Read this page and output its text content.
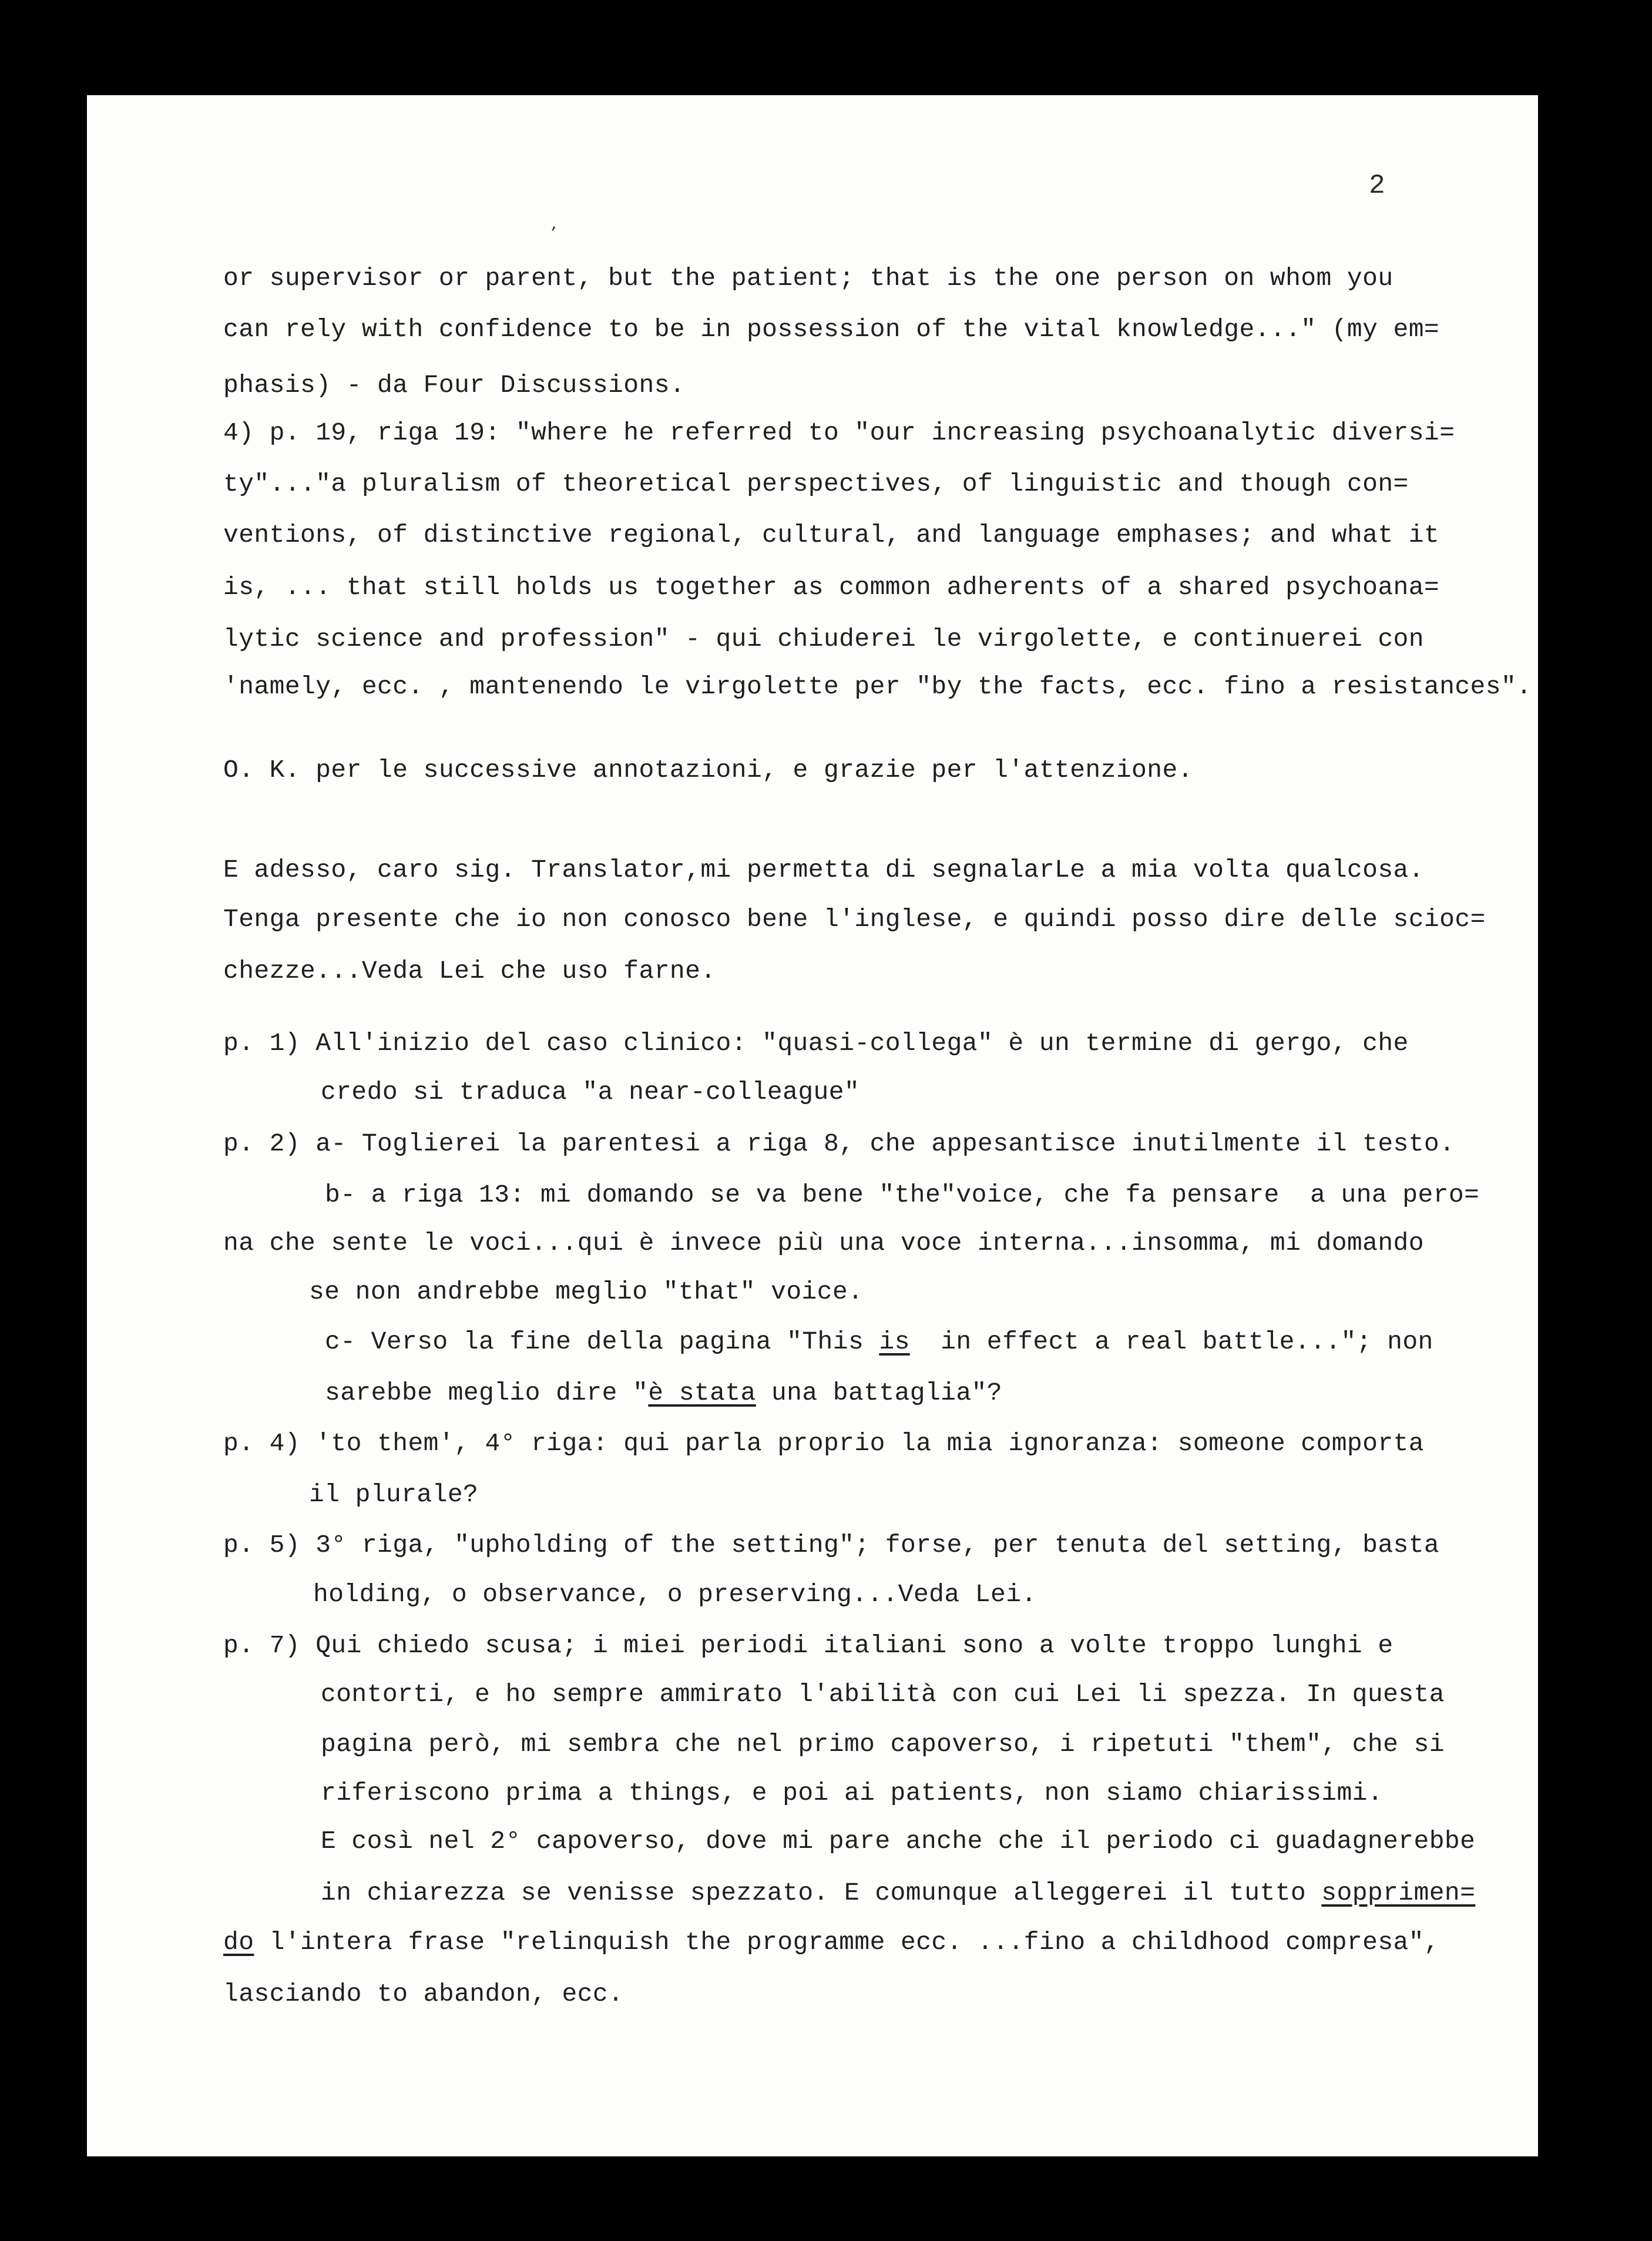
2
,
or supervisor or parent, but the patient; that is the one person on whom you
can rely with confidence to be in possession of the vital knowledge..." (my em=
phasis) - da Four Discussions.
4) p. 19, riga 19: "where he referred to "our increasing psychoanalytic diversi=
ty"..."a pluralism of theoretical perspectives, of linguistic and though con=
ventions, of distinctive regional, cultural, and language emphases; and what it
is, ... that still holds us together as common adherents of a shared psychoana=
lytic science and profession" - qui chiuderei le virgolette, e continuerei con
'namely, ecc. , mantenendo le virgolette per "by the facts, ecc. fino a resistances".
O. K. per le successive annotazioni, e grazie per l'attenzione.
E adesso, caro sig. Translator,mi permetta di segnalarLe a mia volta qualcosa.
Tenga presente che io non conosco bene l'inglese, e quindi posso dire delle scioc=
chezze...Veda Lei che uso farne.
p. 1) All'inizio del caso clinico: "quasi-collega" è un termine di gergo, che
credo si traduca "a near-colleague"
p. 2) a- Toglierei la parentesi a riga 8, che appesantisce inutilmente il testo.
b- a riga 13: mi domando se va bene "the"voice, che fa pensare  a una pero=
na che sente le voci...qui è invece più una voce interna...insomma, mi domando
se non andrebbe meglio "that" voice.
c- Verso la fine della pagina "This is  in effect a real battle..."; non
sarebbe meglio dire "è stata una battaglia"?
p. 4) 'to them', 4° riga: qui parla proprio la mia ignoranza: someone comporta
il plurale?
p. 5) 3° riga, "upholding of the setting"; forse, per tenuta del setting, basta
holding, o observance, o preserving...Veda Lei.
p. 7) Qui chiedo scusa; i miei periodi italiani sono a volte troppo lunghi e
contorti, e ho sempre ammirato l'abilità con cui Lei li spezza. In questa
pagina però, mi sembra che nel primo capoverso, i ripetuti "them", che si
riferiscono prima a things, e poi ai patients, non siamo chiarissimi.
E così nel 2° capoverso, dove mi pare anche che il periodo ci guadagnerebbe
in chiarezza se venisse spezzato. E comunque alleggerei il tutto sopprimen=
do l'intera frase "relinquish the programme ecc. ...fino a childhood compresa",
lasciando to abandon, ecc.
